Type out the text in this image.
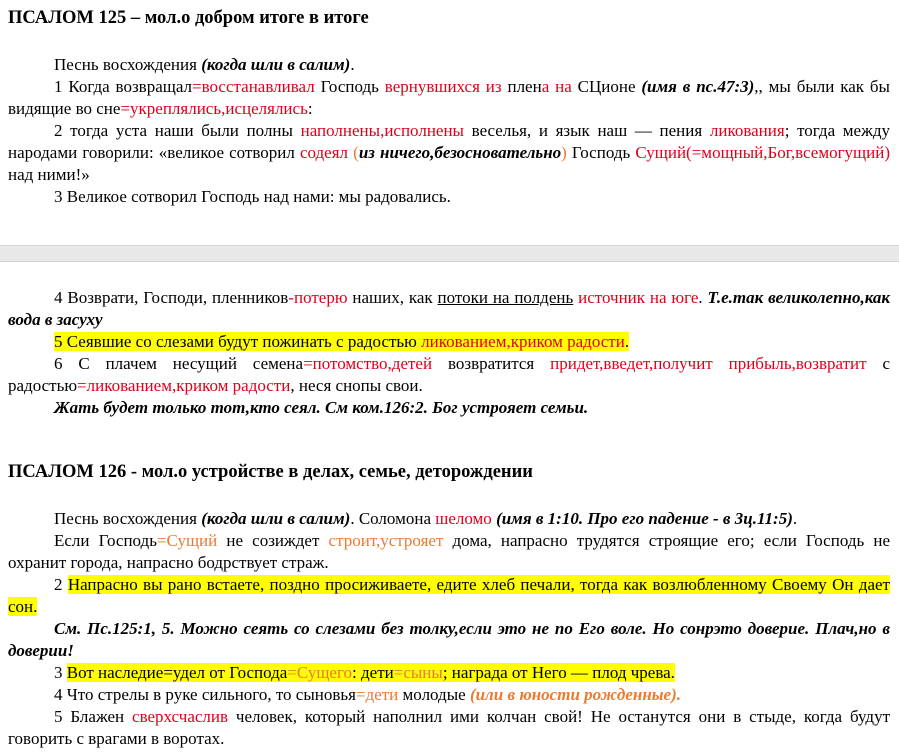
ПСАЛОМ 125 – мол.о добром итоге в итоге

Песнь восхождения (когда шли в салим).

1 Когда возвращал=восстанавливал Господь вернувшихся из плена на СЦионе (имя в пс.47:3),, мы были как бы видящие во сне=укреплялись,исцелялись:

2 тогда уста наши были полны наполнены,исполнены веселья, и язык наш — пения ликования; тогда между народами говорили: «великое сотворил содеял (из ничего,безосновательно) Господь Сущий(=мощный,Бог,всемогущий) над ними!»

3 Великое сотворил Господь над нами: мы радовались.

4 Возврати, Господи, пленников-потерю наших, как потоки на полдень источник на юге. Т.е.так великолепно,как вода в засуху

5 Сеявшие со слезами будут пожинать с радостью ликованием,криком радости.

6 С плачем несущий семена=потомство,детей возвратится придет,введет,получит прибыль,возвратит с радостью=ликованием,криком радости, неся снопы свои.

Жать будет только тот,кто сеял. См ком.126:2. Бог устрояет семьи.

ПСАЛОМ 126 - мол.о устройстве в делах, семье, деторождении

Песнь восхождения (когда шли в салим). Соломона шеломо (имя в 1:10. Про его падение - в 3ц.11:5).

Если Господь=Сущий не созиждет строит,устрояет дома, напрасно трудятся строящие его; если Господь не охранит города, напрасно бодрствует страж.

2 Напрасно вы рано встаете, поздно просиживаете, едите хлеб печали, тогда как возлюбленному Своему Он дает сон.

См. Пс.125:1, 5. Можно сеять со слезами без толку,если это не по Его воле. Но сонрэто доверие. Плач,но в доверии!

3 Вот наследие=удел от Господа=Сущего: дети=сыны; награда от Него — плод чрева.

4 Что стрелы в руке сильного, то сыновья=дети молодые (или в юности рожденные).

5 Блажен сверхсчаслив человек, который наполнил ими колчан свой! Не останутся они в стыде, когда будут говорить с врагами в воротах.
